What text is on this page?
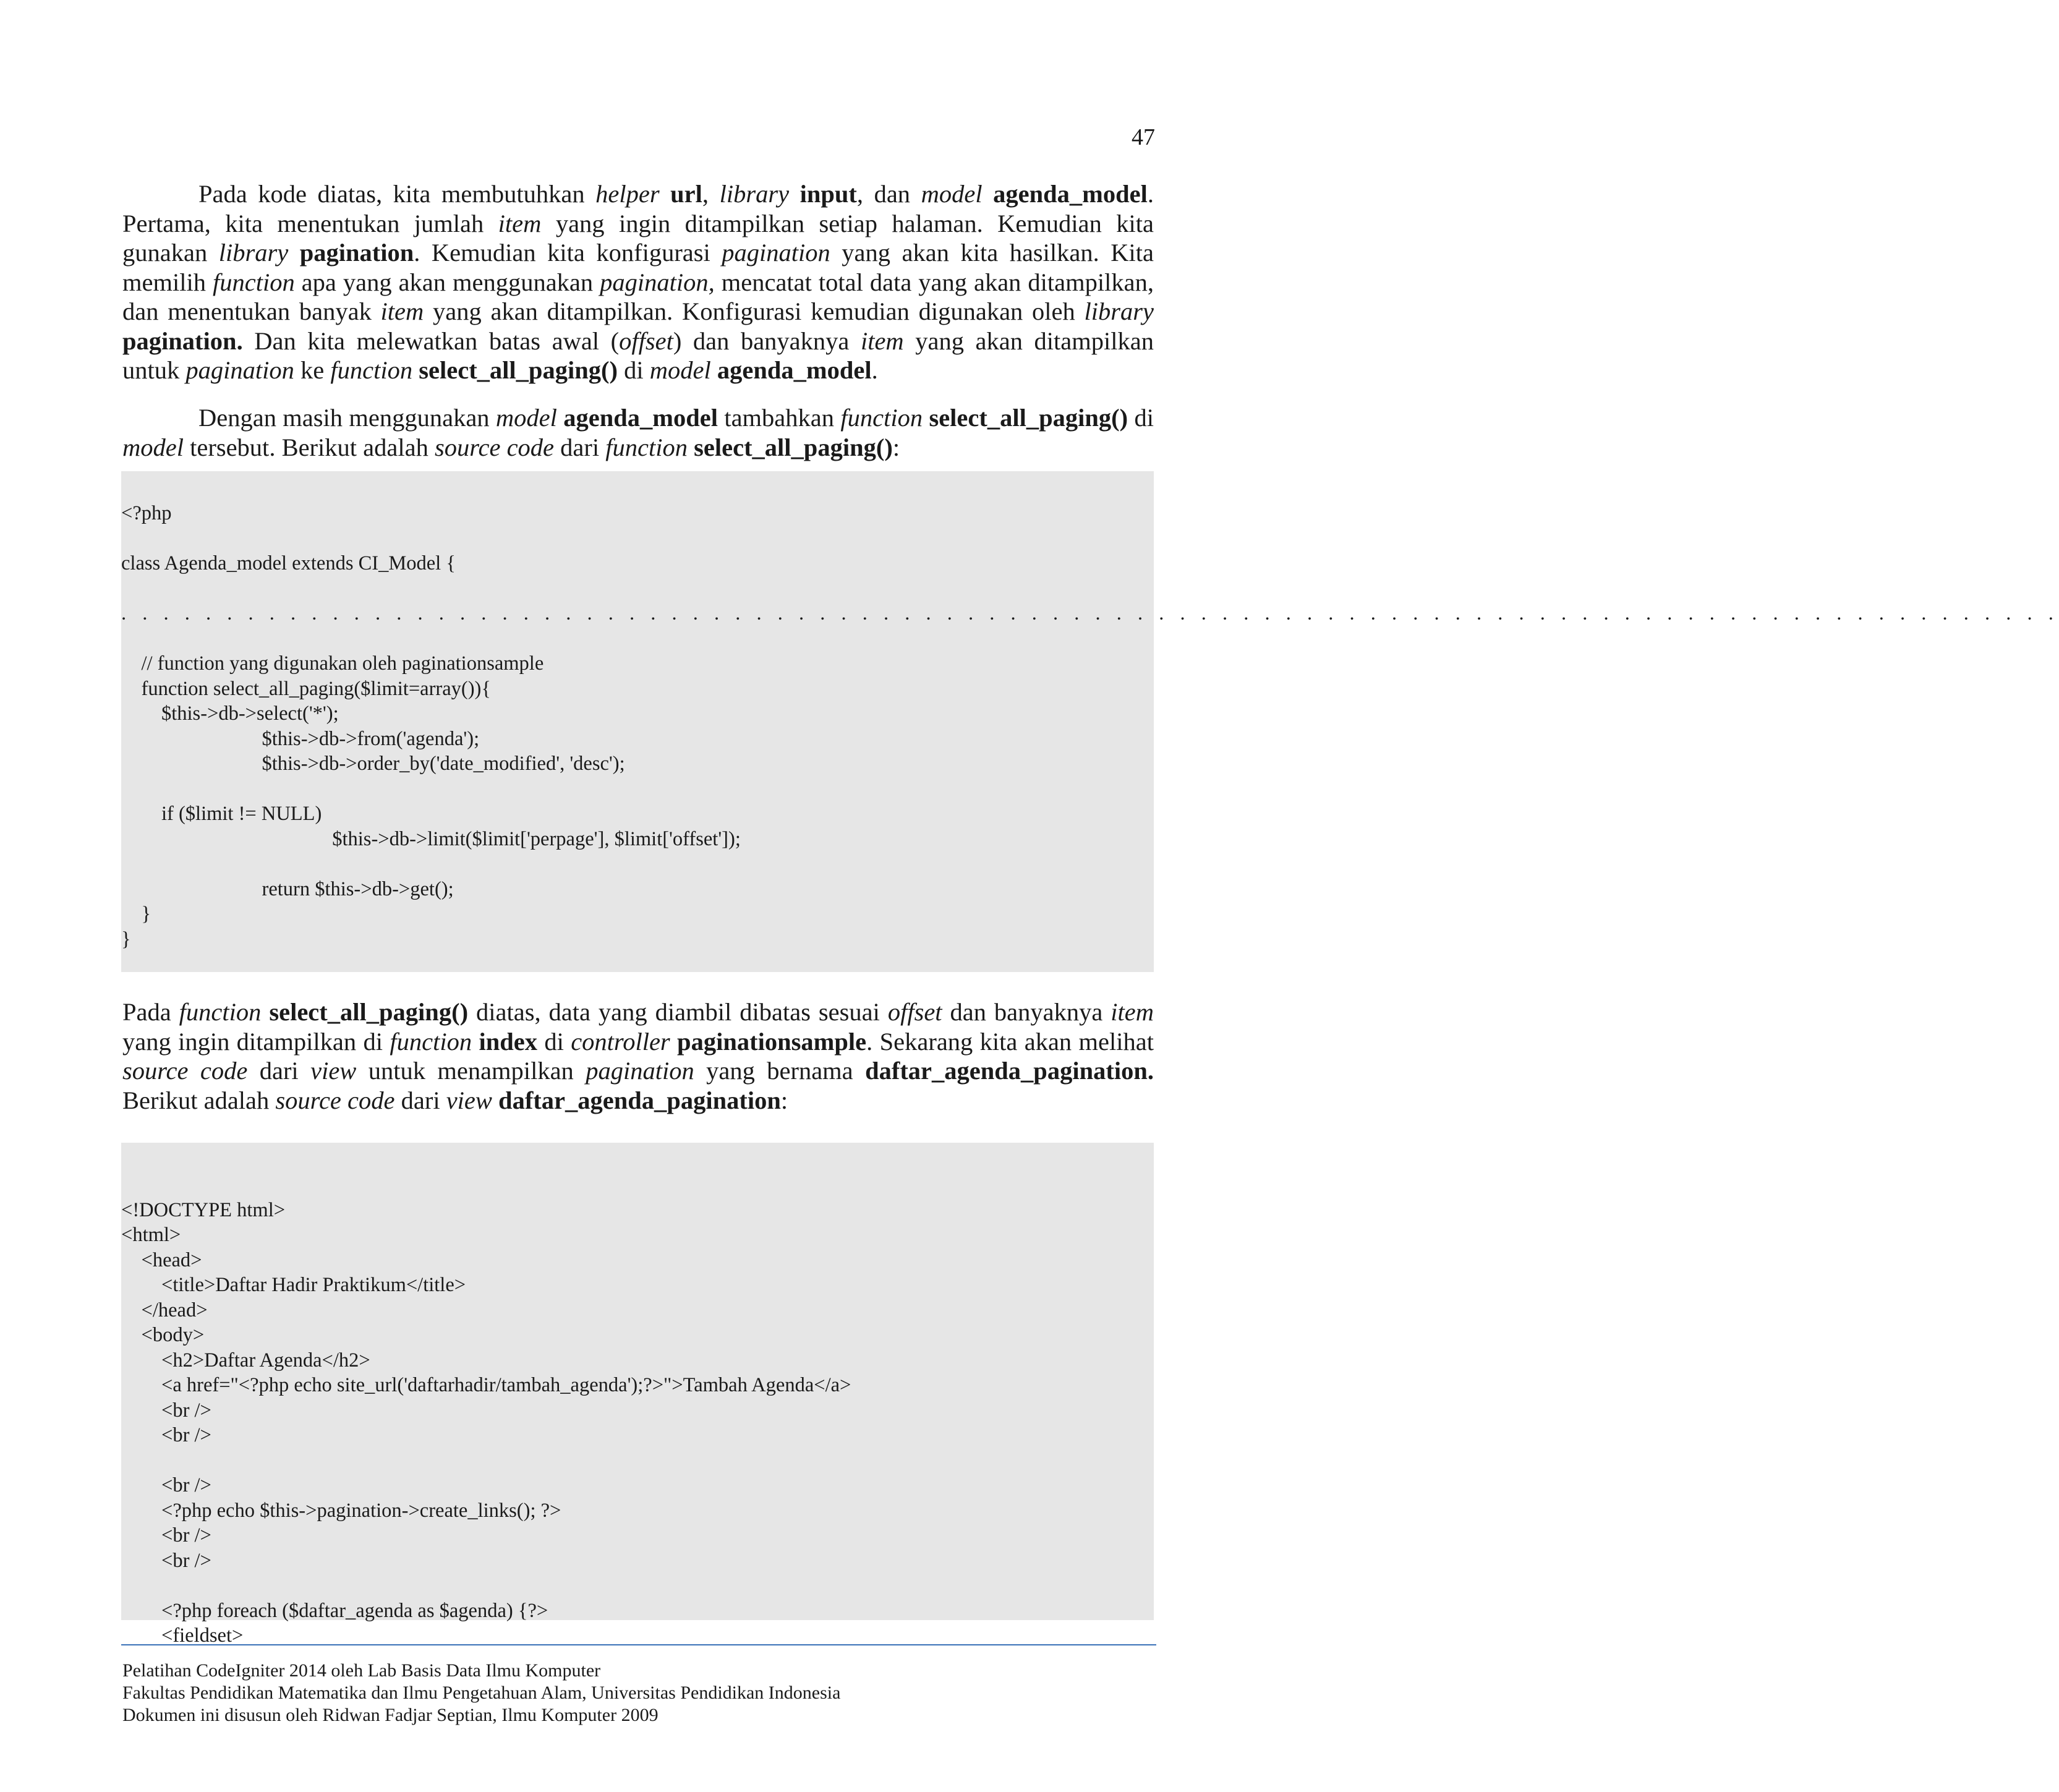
47

Pada kode diatas, kita membutuhkan helper url, library input, dan model agenda_model. Pertama, kita menentukan jumlah item yang ingin ditampilkan setiap halaman. Kemudian kita gunakan library pagination. Kemudian kita konfigurasi pagination yang akan kita hasilkan. Kita memilih function apa yang akan menggunakan pagination, mencatat total data yang akan ditampilkan, dan menentukan banyak item yang akan ditampilkan. Konfigurasi kemudian digunakan oleh library pagination. Dan kita melewatkan batas awal (offset) dan banyaknya item yang akan ditampilkan untuk pagination ke function select_all_paging() di model agenda_model.

Dengan masih menggunakan model agenda_model tambahkan function select_all_paging() di model tersebut. Berikut adalah source code dari function select_all_paging():

<?php
class Agenda_model extends CI_Model {
. . . . . . . . . . . . . . . . . . . . . . . . . . . . . . . . . . . . . . . . . . . . . . . . . . . . . . . . . . . . . . . . . . . . . . . . . . . . . . . . . . . . . . . . . . . .
// function yang digunakan oleh paginationsample
function select_all_paging($limit=array()){
$this->db->select('*');
$this->db->from('agenda');
$this->db->order_by('date_modified', 'desc');
if ($limit != NULL)
$this->db->limit($limit['perpage'], $limit['offset']);
return $this->db->get();
}
}

Pada function select_all_paging() diatas, data yang diambil dibatas sesuai offset dan banyaknya item yang ingin ditampilkan di function index di controller paginationsample. Sekarang kita akan melihat source code dari view untuk menampilkan pagination yang bernama daftar_agenda_pagination. Berikut adalah source code dari view daftar_agenda_pagination:

<!DOCTYPE html>
<html>
<head>
<title>Daftar Hadir Praktikum</title>
</head>
<body>
<h2>Daftar Agenda</h2>
<a href="<?php echo site_url('daftarhadir/tambah_agenda');?>">Tambah Agenda</a>
<br />
<br />
<br />
<?php echo $this->pagination->create_links(); ?>
<br />
<br />
<?php foreach ($daftar_agenda as $agenda) {?>
<fieldset>
Pelatihan CodeIgniter 2014 oleh Lab Basis Data Ilmu Komputer
Fakultas Pendidikan Matematika dan Ilmu Pengetahuan Alam, Universitas Pendidikan Indonesia
Dokumen ini disusun oleh Ridwan Fadjar Septian, Ilmu Komputer 2009
